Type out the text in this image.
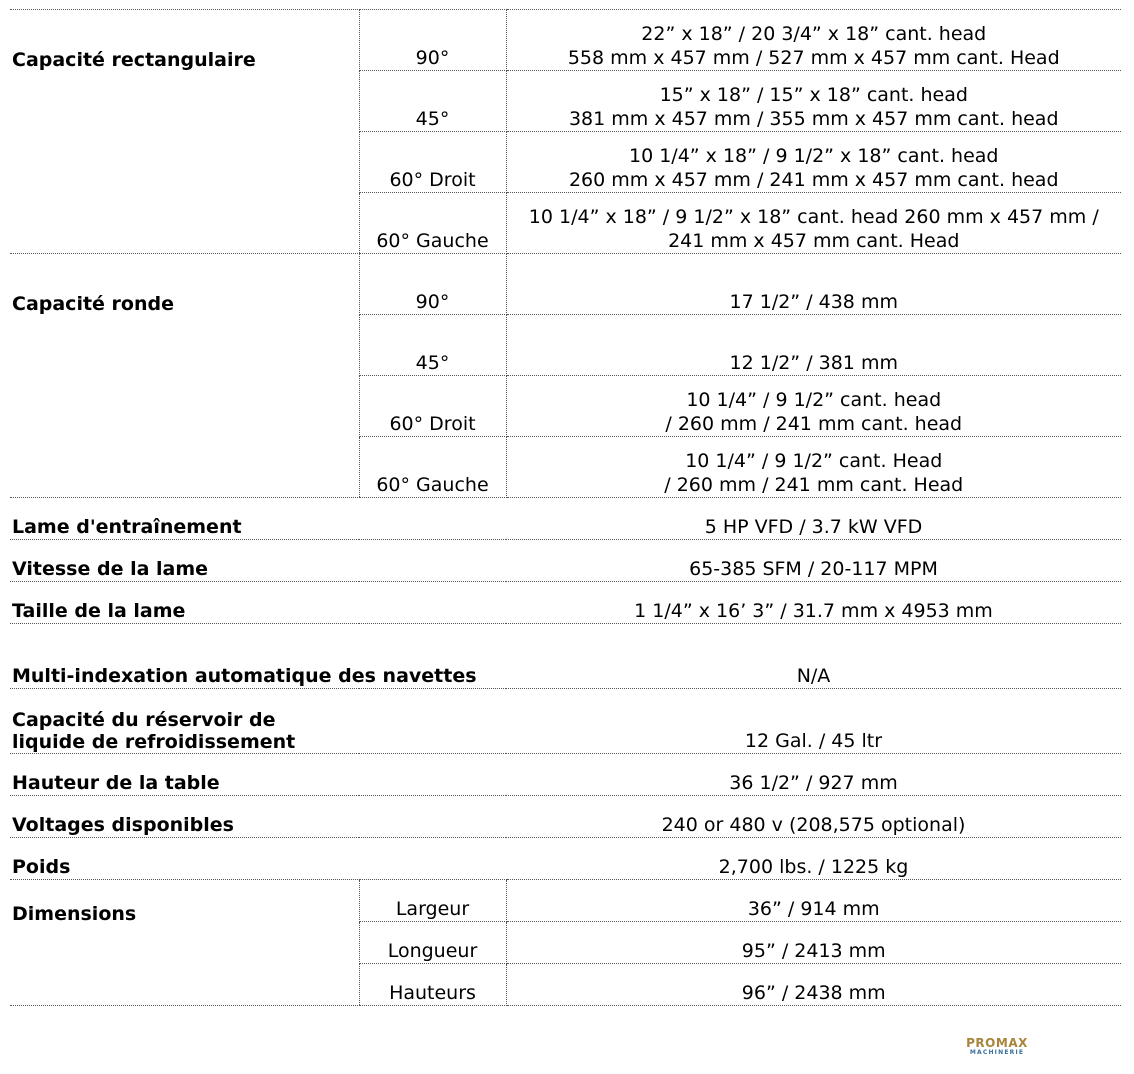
Capacité rectangulaire	90°	22” x 18” / 20 3/4” x 18” cant. head
558 mm x 457 mm / 527 mm x 457 mm cant. Head

	45°	15” x 18” / 15” x 18” cant. head
381 mm x 457 mm / 355 mm x 457 mm cant. head

	60° Droit	10 1/4” x 18” / 9 1/2” x 18” cant. head
260 mm x 457 mm / 241 mm x 457 mm cant. head

	60° Gauche	10 1/4” x 18” / 9 1/2” x 18” cant. head 260 mm x 457 mm /
241 mm x 457 mm cant. Head

Capacité ronde	90°	17 1/2” / 438 mm

	45°	12 1/2” / 381 mm

	60° Droit	10 1/4” / 9 1/2” cant. head
/ 260 mm / 241 mm cant. head

	60° Gauche	10 1/4” / 9 1/2” cant. Head
/ 260 mm / 241 mm cant. Head

Lame d'entraînement		5 HP VFD / 3.7 kW VFD
Vitesse de la lame		65-385 SFM / 20-117 MPM
Taille de la lame		1 1/4” x 16’ 3” / 31.7 mm x 4953 mm
Multi-indexation automatique des navettes		N/A

Capacité du réservoir de
liquide de refroidissement		12 Gal. / 45 ltr
Hauteur de la table		36 1/2” / 927 mm
Voltages disponibles		240 or 480 v (208,575 optional)
Poids		2,700 lbs. / 1225 kg
Dimensions	Largeur	36” / 914 mm
	Longueur	95” / 2413 mm
	Hauteurs	96” / 2438 mm
PROMAX
MACHINERIE
